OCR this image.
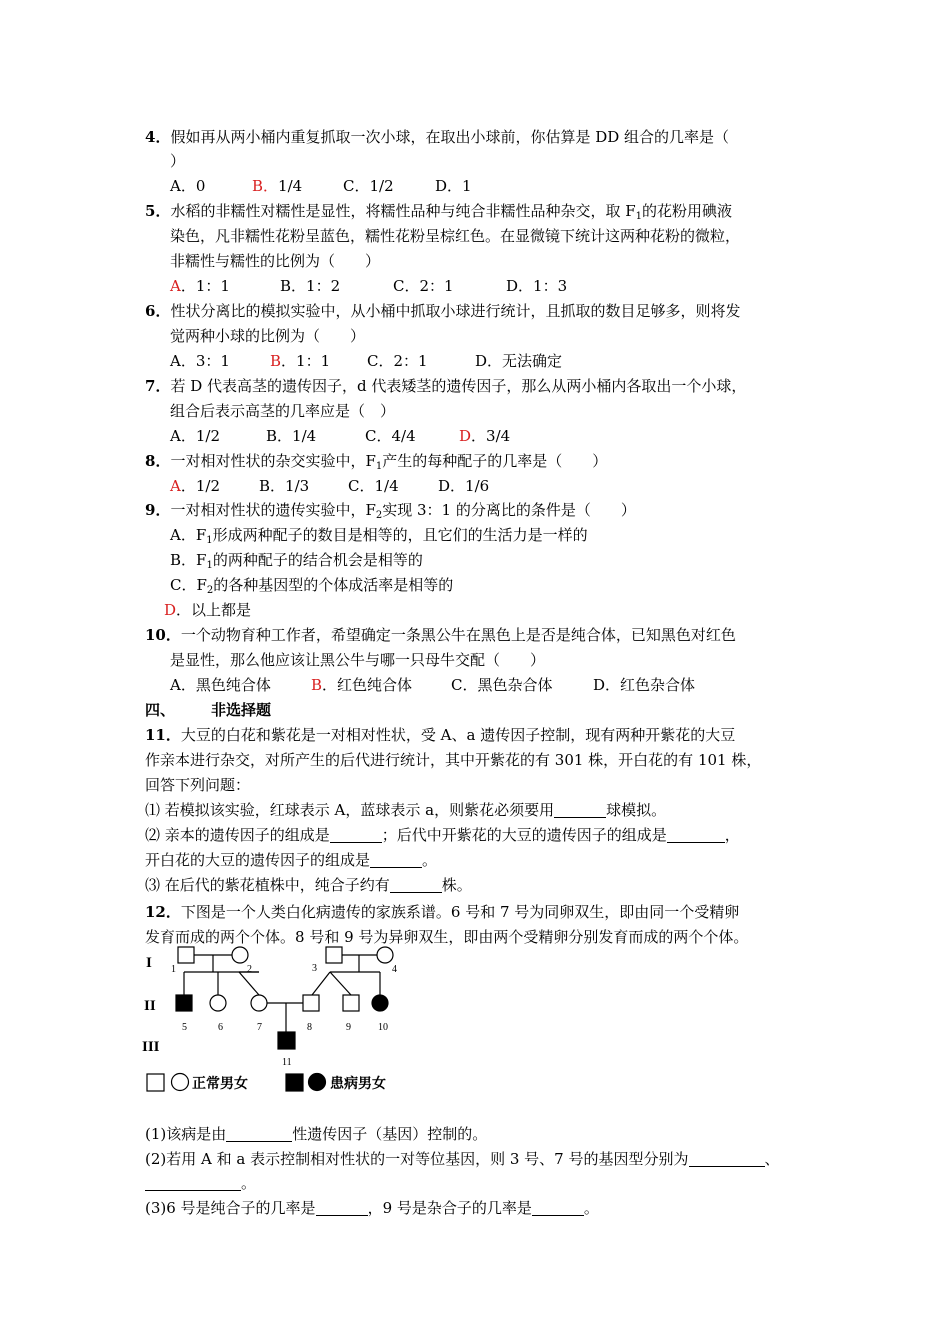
4．假如再从两小桶内重复抓取一次小球，在取出小球前，你估算是 DD 组合的几率是（
）
A．0	B．1/4	C．1/2	D．1
5．水稻的非糯性对糯性是显性，将糯性品种与纯合非糯性品种杂交，取 $F_1$的花粉用碘液
染色，凡非糯性花粉呈蓝色，糯性花粉呈棕红色。在显微镜下统计这两种花粉的微粒，
非糯性与糯性的比例为（　　）
A．1：1	B．1：2	C．2：1	D．1：3
6．性状分离比的模拟实验中，从小桶中抓取小球进行统计，且抓取的数目足够多，则将发
觉两种小球的比例为（　　）
A．3：1	B．1：1 C．2：1	D．无法确定
7．若 D 代表高茎的遗传因子，d 代表矮茎的遗传因子，那么从两小桶内各取出一个小球，
组合后表示高茎的几率应是（　）
A．1/2	B．1/4	C．4/4	D．3/4
8．一对相对性状的杂交实验中，$F_1$产生的每种配子的几率是（　　）
A．1/2	B．1/3	C．1/4	D．1/6
9．一对相对性状的遗传实验中，$F_2$实现 3：1 的分离比的条件是（　　）
A．$F_1$形成两种配子的数目是相等的，且它们的生活力是一样的
B．$F_1$的两种配子的结合机会是相等的
C．$F_2$的各种基因型的个体成活率是相等的
D．以上都是
10．一个动物育种工作者，希望确定一条黑公牛在黑色上是否是纯合体，已知黑色对红色
是显性，那么他应该让黑公牛与哪一只母牛交配（　　）
A．黑色纯合体	B．红色纯合体	C．黑色杂合体	D．红色杂合体
四、 非选择题
11．大豆的白花和紫花是一对相对性状，受 A、a 遗传因子控制，现有两种开紫花的大豆
作亲本进行杂交，对所产生的后代进行统计，其中开紫花的有 301 株，开白花的有 101 株，
回答下列问题：
⑴ 若模拟该实验，红球表示 A，蓝球表示 a，则紫花必须要用	球模拟。
⑵ 亲本的遗传因子的组成是	；后代中开紫花的大豆的遗传因子的组成是	，
开白花的大豆的遗传因子的组成是	。
⑶ 在后代的紫花植株中，纯合子约有	株。
12．下图是一个人类白化病遗传的家族系谱。6 号和 7 号为同卵双生，即由同一个受精卵
发育而成的两个个体。8 号和 9 号为异卵双生，即由两个受精卵分别发育而成的两个个体。
I
II
III
1	2	3	4
5	6	7	8	9	10
11
正常男女	患病男女
(1)该病是由	性遗传因子（基因）控制的。
(2)若用 A 和 a 表示控制相对性状的一对等位基因，则 3 号、7 号的基因型分别为	、
。
(3)6 号是纯合子的几率是	，9 号是杂合子的几率是	。
